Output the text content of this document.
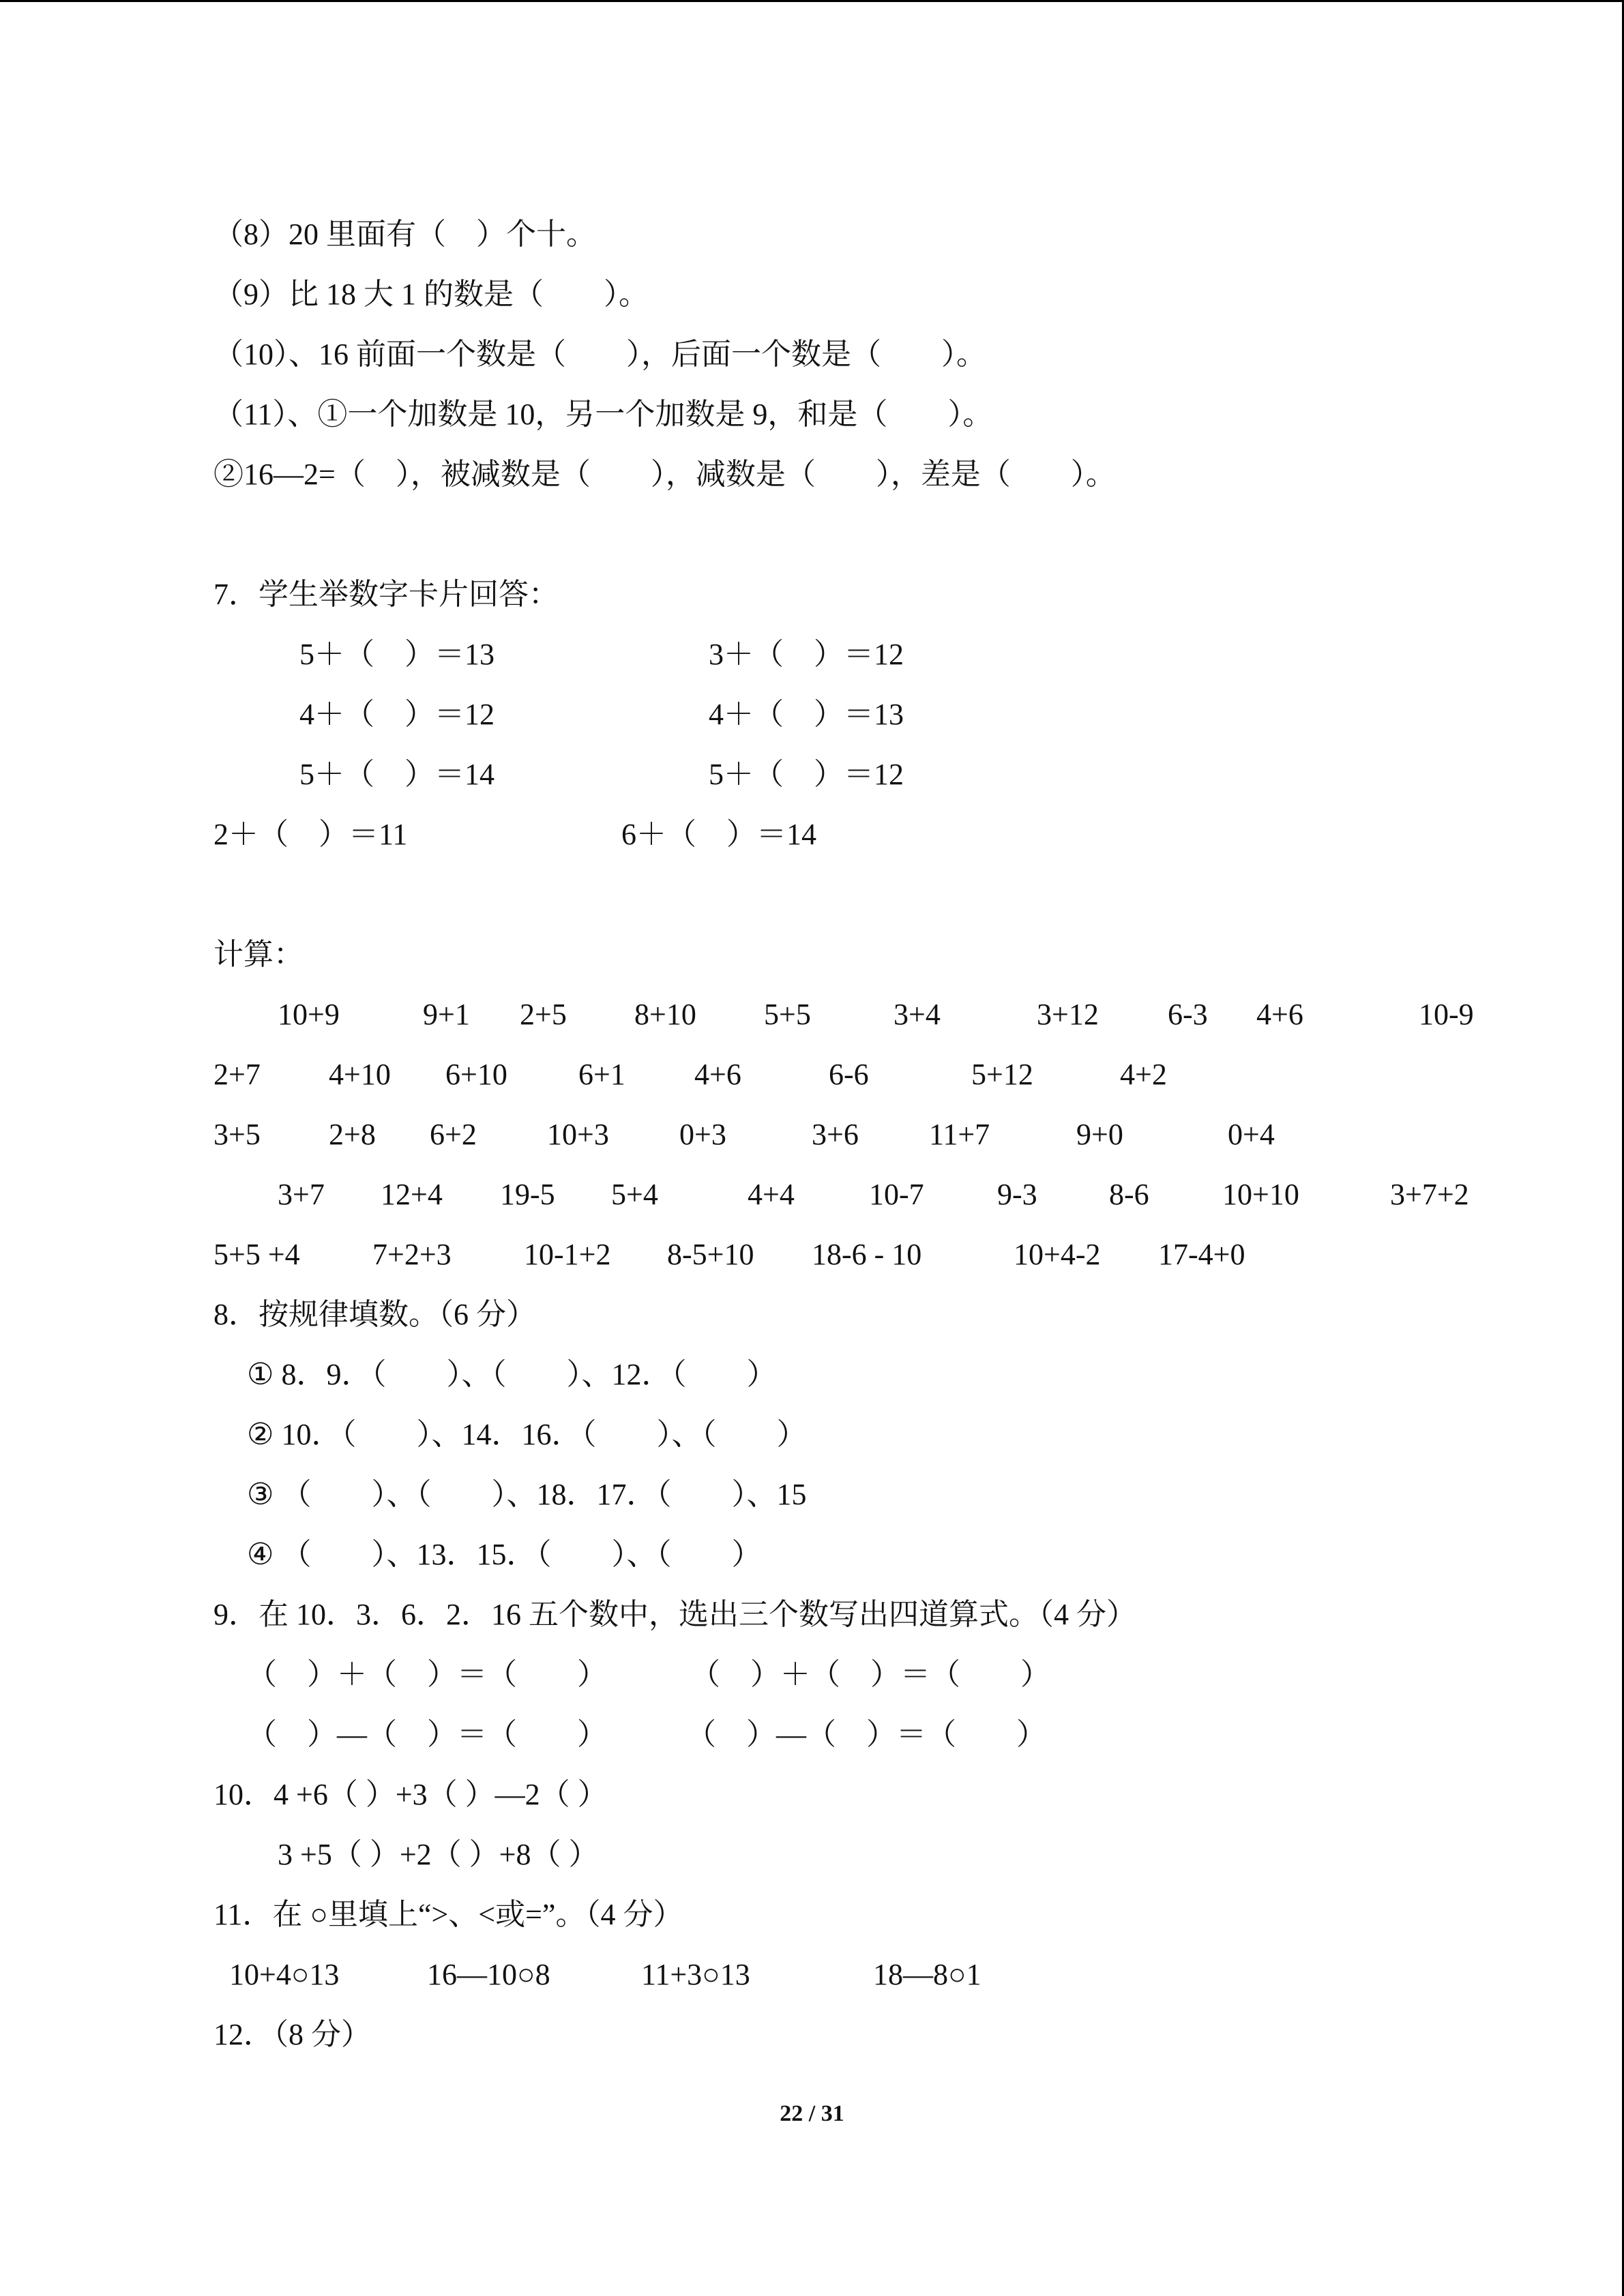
（8）20 里面有（　）个十。
（9）比 18 大 1 的数是（　　）。
（10）、16 前面一个数是（　　），后面一个数是（　　）。
（11）、①一个加数是 10，另一个加数是 9，和是（　　）。
②16—2=（　），被减数是（　　），减数是（　　），差是（　　）。
7．学生举数字卡片回答：
5＋（　）＝13	3＋（　）＝12
4＋（　）＝12	4＋（　）＝13
5＋（　）＝14	5＋（　）＝12
2＋（　）＝11	6＋（　）＝14
计算：
10+9	9+1 2+5 8+10 5+5	3+4	3+12 6-3 4+6	10-9
2+7 4+10 6+10 6+1 4+6	6-6	5+12	4+2
3+5 2+8 6+2 10+3 0+3	3+6 11+7	9+0	0+4
3+7 12+4 19-5 5+4	4+4 10-7 9-3 8-6 10+10	3+7+2
5+5 +4 7+2+3 10-1+2 8-5+10 18-6 - 10	10+4-2 17-4+0
8．按规律填数。（6 分）
① 8．9．（　　）、（　　）、12．（　　）
② 10．（　　）、14．16．（　　）、（　　）
③ （　　）、（　　）、18．17．（　　）、15
④ （　　）、13．15．（　　）、（　　）
9．在 10．3．6．2．16 五个数中，选出三个数写出四道算式。（4 分）
（　）＋（　）＝（　　）	（　）＋（　）＝（　　）
（　）—（　）＝（　　）	（　）—（　）＝（　　）
10．4 +6（ ）+3（ ）—2（ ）
3 +5（ ）+2（ ）+8（ ）
11．在 ○里填上“>、<或=”。（4 分）
10+4○13	16—10○8	11+3○13	18—8○1
12．（8 分）
22 / 31
